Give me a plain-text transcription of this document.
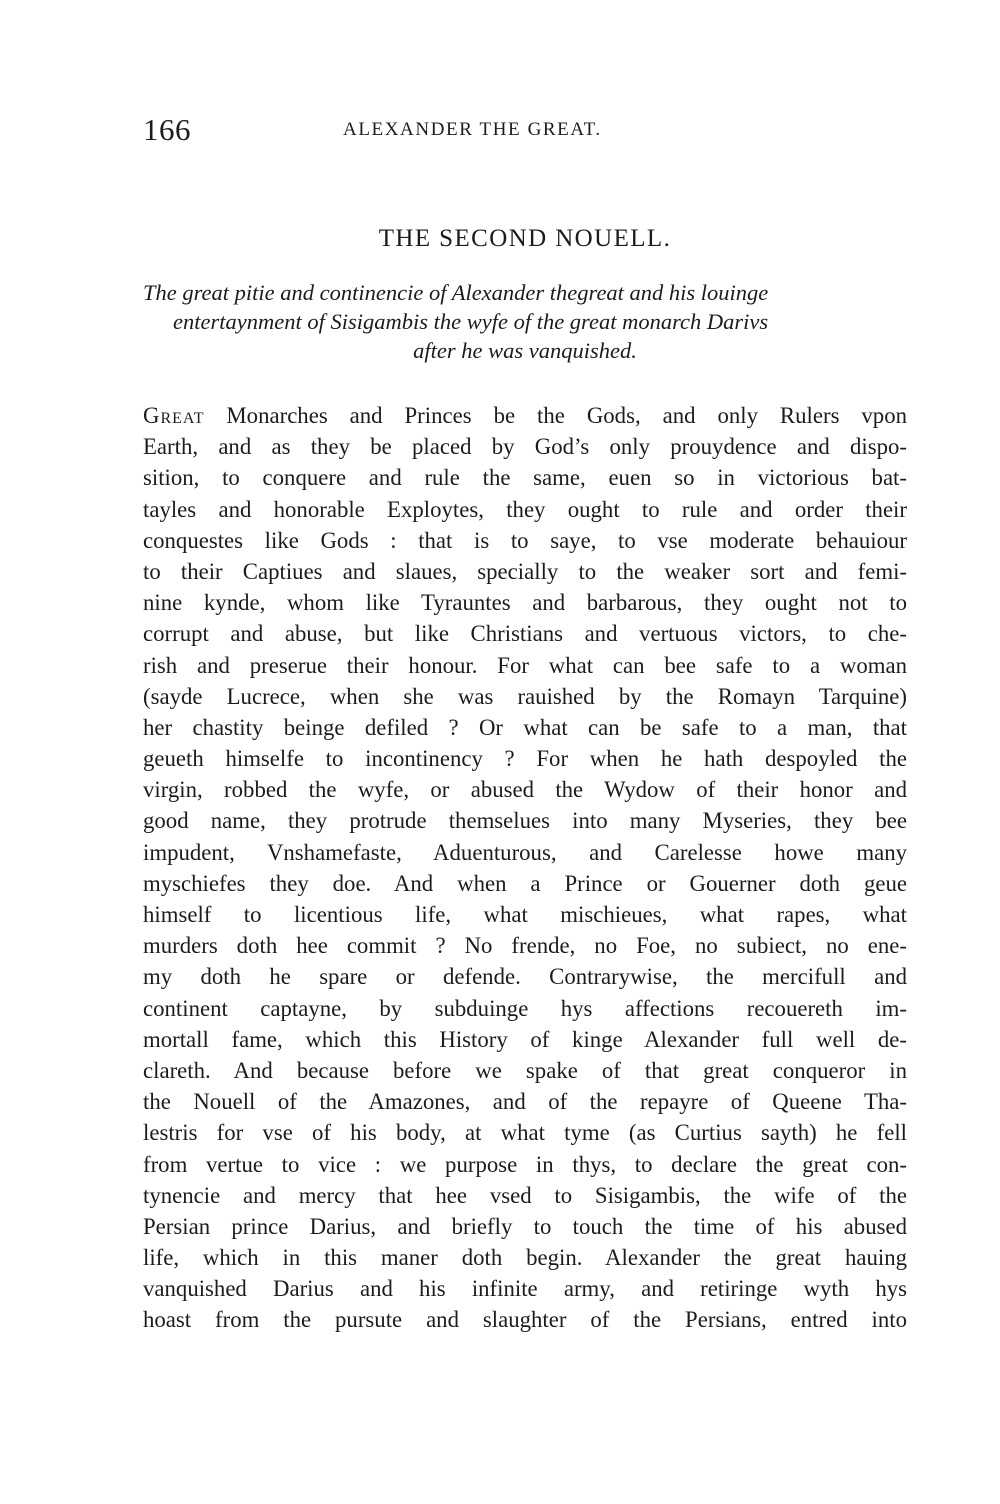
166	ALEXANDER THE GREAT.
THE SECOND NOUELL.
The great pitie and continencie of Alexander thegreat and his louinge
entertaynment of Sisigambis the wyfe of the great monarch Darivs
after he was vanquished.
Great Monarches and Princes be the Gods, and only Rulers vpon
Earth, and as they be placed by God’s only prouydence and dispo-
sition, to conquere and rule the same, euen so in victorious bat-
tayles and honorable Exploytes, they ought to rule and order their
conquestes like Gods : that is to saye, to vse moderate behauiour
to their Captiues and slaues, specially to the weaker sort and femi-
nine kynde, whom like Tyrauntes and barbarous, they ought not to
corrupt and abuse, but like Christians and vertuous victors, to che-
rish and preserue their honour. For what can bee safe to a woman
(sayde Lucrece, when she was rauished by the Romayn Tarquine)
her chastity beinge defiled ? Or what can be safe to a man, that
geueth himselfe to incontinency ? For when he hath despoyled the
virgin, robbed the wyfe, or abused the Wydow of their honor and
good name, they protrude themselues into many Myseries, they bee
impudent, Vnshamefaste, Aduenturous, and Carelesse howe many
myschiefes they doe. And when a Prince or Gouerner doth geue
himself to licentious life, what mischieues, what rapes, what
murders doth hee commit ? No frende, no Foe, no subiect, no ene-
my doth he spare or defende. Contrarywise, the mercifull and
continent captayne, by subduinge hys affections recouereth im-
mortall fame, which this History of kinge Alexander full well de-
clareth. And because before we spake of that great conqueror in
the Nouell of the Amazones, and of the repayre of Queene Tha-
lestris for vse of his body, at what tyme (as Curtius sayth) he fell
from vertue to vice : we purpose in thys, to declare the great con-
tynencie and mercy that hee vsed to Sisigambis, the wife of the
Persian prince Darius, and briefly to touch the time of his abused
life, which in this maner doth begin. Alexander the great hauing
vanquished Darius and his infinite army, and retiringe wyth hys
hoast from the pursute and slaughter of the Persians, entred into
